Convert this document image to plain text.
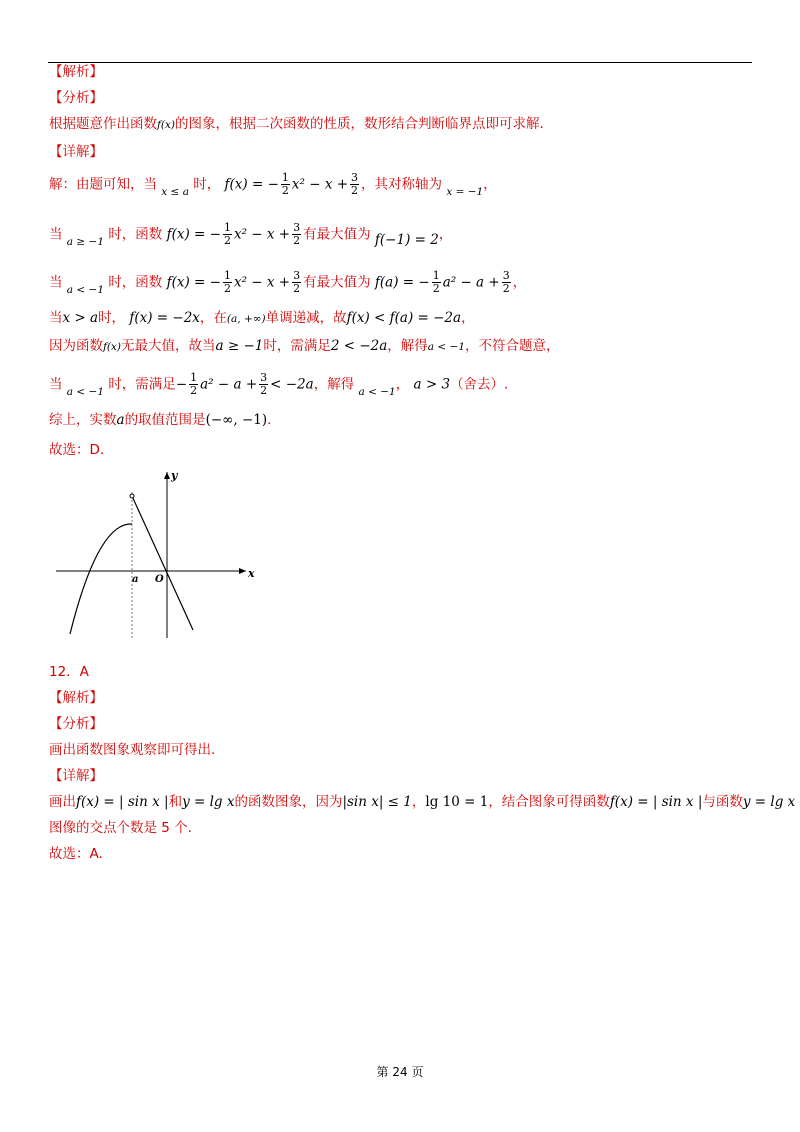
【解析】
【分析】
根据题意作出函数f(x)的图象，根据二次函数的性质，数形结合判断临界点即可求解.
【详解】
解：由题可知，当 $_{x \le a}$ 时， f(x) = − $\frac{1}{2} x^2 - x + \frac{3}{2}$ ，其对称轴为 $_{x = -1}$，
当 $_{a \ge -1}$ 时，函数 f(x) = − $\frac{1}{2} x^2 - x + \frac{3}{2}$ 有最大值为 f(−1) = 2，
当 $_{a < -1}$ 时，函数 f(x) = − $\frac{1}{2} x^2 - x + \frac{3}{2}$ 有最大值为 f(a) = − $\frac{1}{2} a^2 - a + \frac{3}{2}$ ，
当x > a时， f(x) = −2x，在(a, +∞)单调递减，故f(x) < f(a) = −2a，
因为函数f(x)无最大值，故当a ≥ −1时，需满足2 < −2a，解得a < −1，不符合题意，
当 $_{a < -1}$ 时，需满足− $\frac{1}{2} a^2 - a + \frac{3}{2} < -2a$，解得 $_{a < -1}$， a > 3（舍去）.
综上，实数a的取值范围是(−∞, −1).
故选：D.
y
x
a O
12．A
【解析】
【分析】
画出函数图象观察即可得出.
【详解】
画出f(x) = | sin x |和y = lg x的函数图象，因为|sin x| ≤ 1，lg 10 = 1，结合图象可得函数f(x) = | sin x |与函数y = lg x
图像的交点个数是 5 个.
故选：A.
第 24 页
